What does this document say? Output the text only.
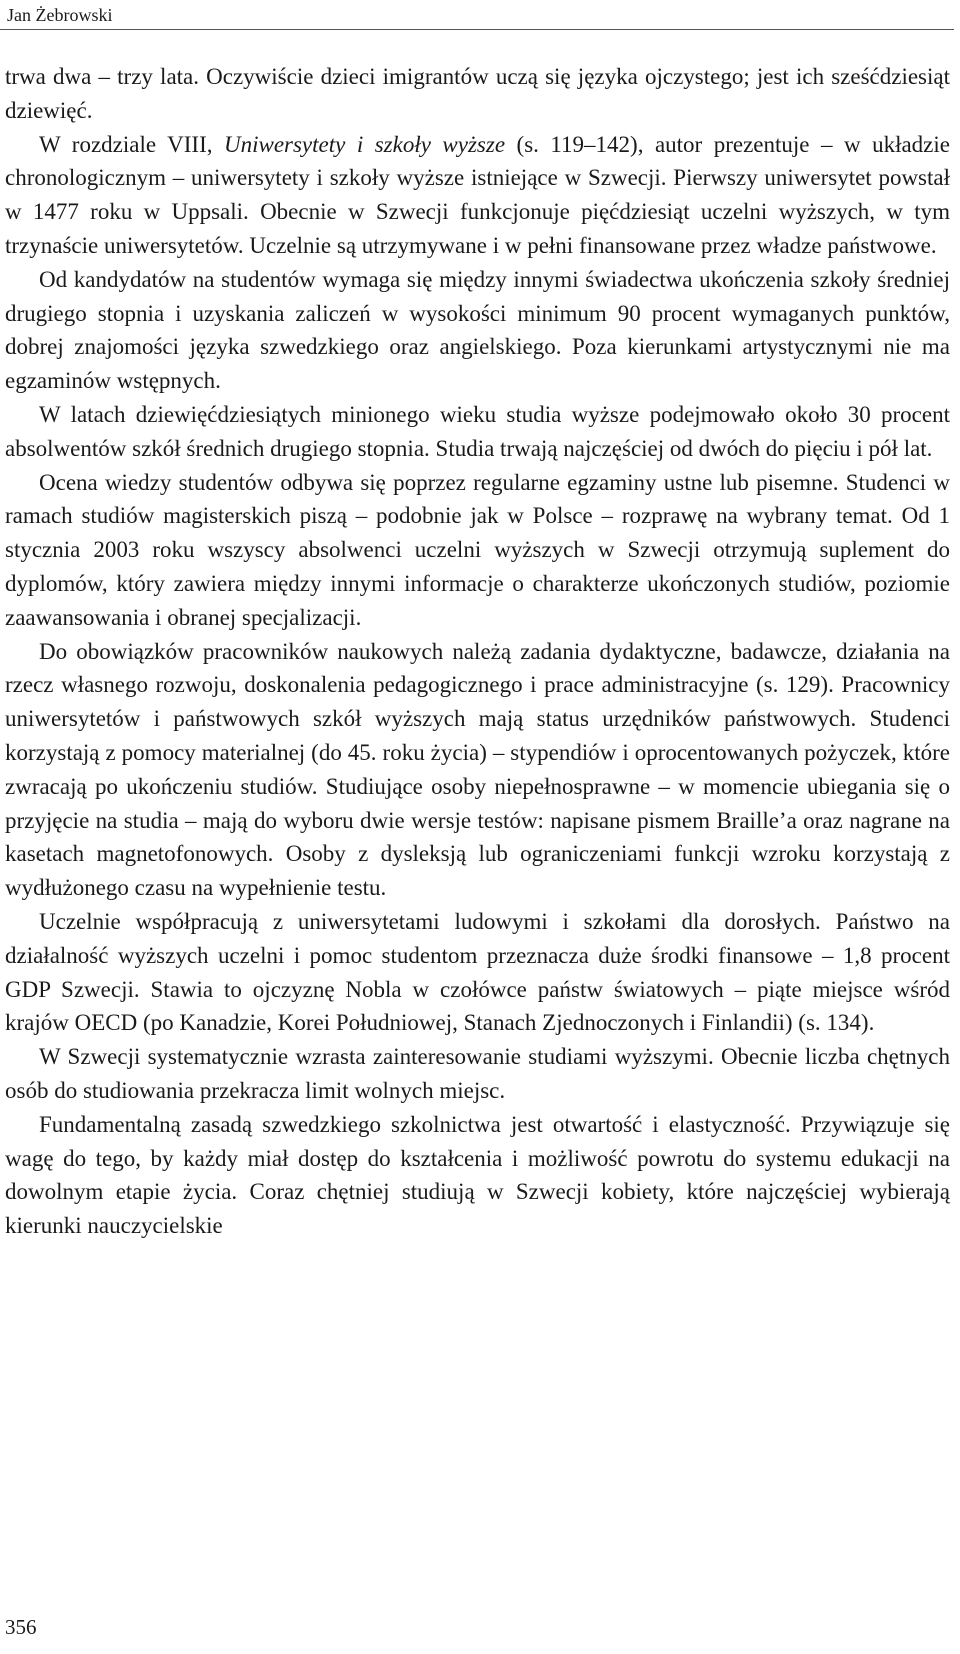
Jan Żebrowski

trwa dwa – trzy lata. Oczywiście dzieci imigrantów uczą się języka ojczystego; jest ich sześćdziesiąt dziewięć.

W rozdziale VIII, Uniwersytety i szkoły wyższe (s. 119–142), autor prezentuje – w układzie chronologicznym – uniwersytety i szkoły wyższe istniejące w Szwecji. Pierwszy uniwersytet powstał w 1477 roku w Uppsali. Obecnie w Szwecji funkcjonuje pięćdziesiąt uczelni wyższych, w tym trzynaście uniwersytetów. Uczelnie są utrzymywane i w pełni finansowane przez władze państwowe.

Od kandydatów na studentów wymaga się między innymi świadectwa ukończenia szkoły średniej drugiego stopnia i uzyskania zaliczeń w wysokości minimum 90 procent wymaganych punktów, dobrej znajomości języka szwedzkiego oraz angielskiego. Poza kierunkami artystycznymi nie ma egzaminów wstępnych.

W latach dziewięćdziesiątych minionego wieku studia wyższe podejmowało około 30 procent absolwentów szkół średnich drugiego stopnia. Studia trwają najczęściej od dwóch do pięciu i pół lat.

Ocena wiedzy studentów odbywa się poprzez regularne egzaminy ustne lub pisemne. Studenci w ramach studiów magisterskich piszą – podobnie jak w Polsce – rozprawę na wybrany temat. Od 1 stycznia 2003 roku wszyscy absolwenci uczelni wyższych w Szwecji otrzymują suplement do dyplomów, który zawiera między innymi informacje o charakterze ukończonych studiów, poziomie zaawansowania i obranej specjalizacji.

Do obowiązków pracowników naukowych należą zadania dydaktyczne, badawcze, działania na rzecz własnego rozwoju, doskonalenia pedagogicznego i prace administracyjne (s. 129). Pracownicy uniwersytetów i państwowych szkół wyższych mają status urzędników państwowych. Studenci korzystają z pomocy materialnej (do 45. roku życia) – stypendiów i oprocentowanych pożyczek, które zwracają po ukończeniu studiów. Studiujące osoby niepełnosprawne – w momencie ubiegania się o przyjęcie na studia – mają do wyboru dwie wersje testów: napisane pismem Braille’a oraz nagrane na kasetach magnetofonowych. Osoby z dysleksją lub ograniczeniami funkcji wzroku korzystają z wydłużonego czasu na wypełnienie testu.

Uczelnie współpracują z uniwersytetami ludowymi i szkołami dla dorosłych. Państwo na działalność wyższych uczelni i pomoc studentom przeznacza duże środki finansowe – 1,8 procent GDP Szwecji. Stawia to ojczyznę Nobla w czołówce państw światowych – piąte miejsce wśród krajów OECD (po Kanadzie, Korei Południowej, Stanach Zjednoczonych i Finlandii) (s. 134).

W Szwecji systematycznie wzrasta zainteresowanie studiami wyższymi. Obecnie liczba chętnych osób do studiowania przekracza limit wolnych miejsc.

Fundamentalną zasadą szwedzkiego szkolnictwa jest otwartość i elastyczność. Przywiązuje się wagę do tego, by każdy miał dostęp do kształcenia i możliwość powrotu do systemu edukacji na dowolnym etapie życia. Coraz chętniej studiują w Szwecji kobiety, które najczęściej wybierają kierunki nauczycielskie

356
